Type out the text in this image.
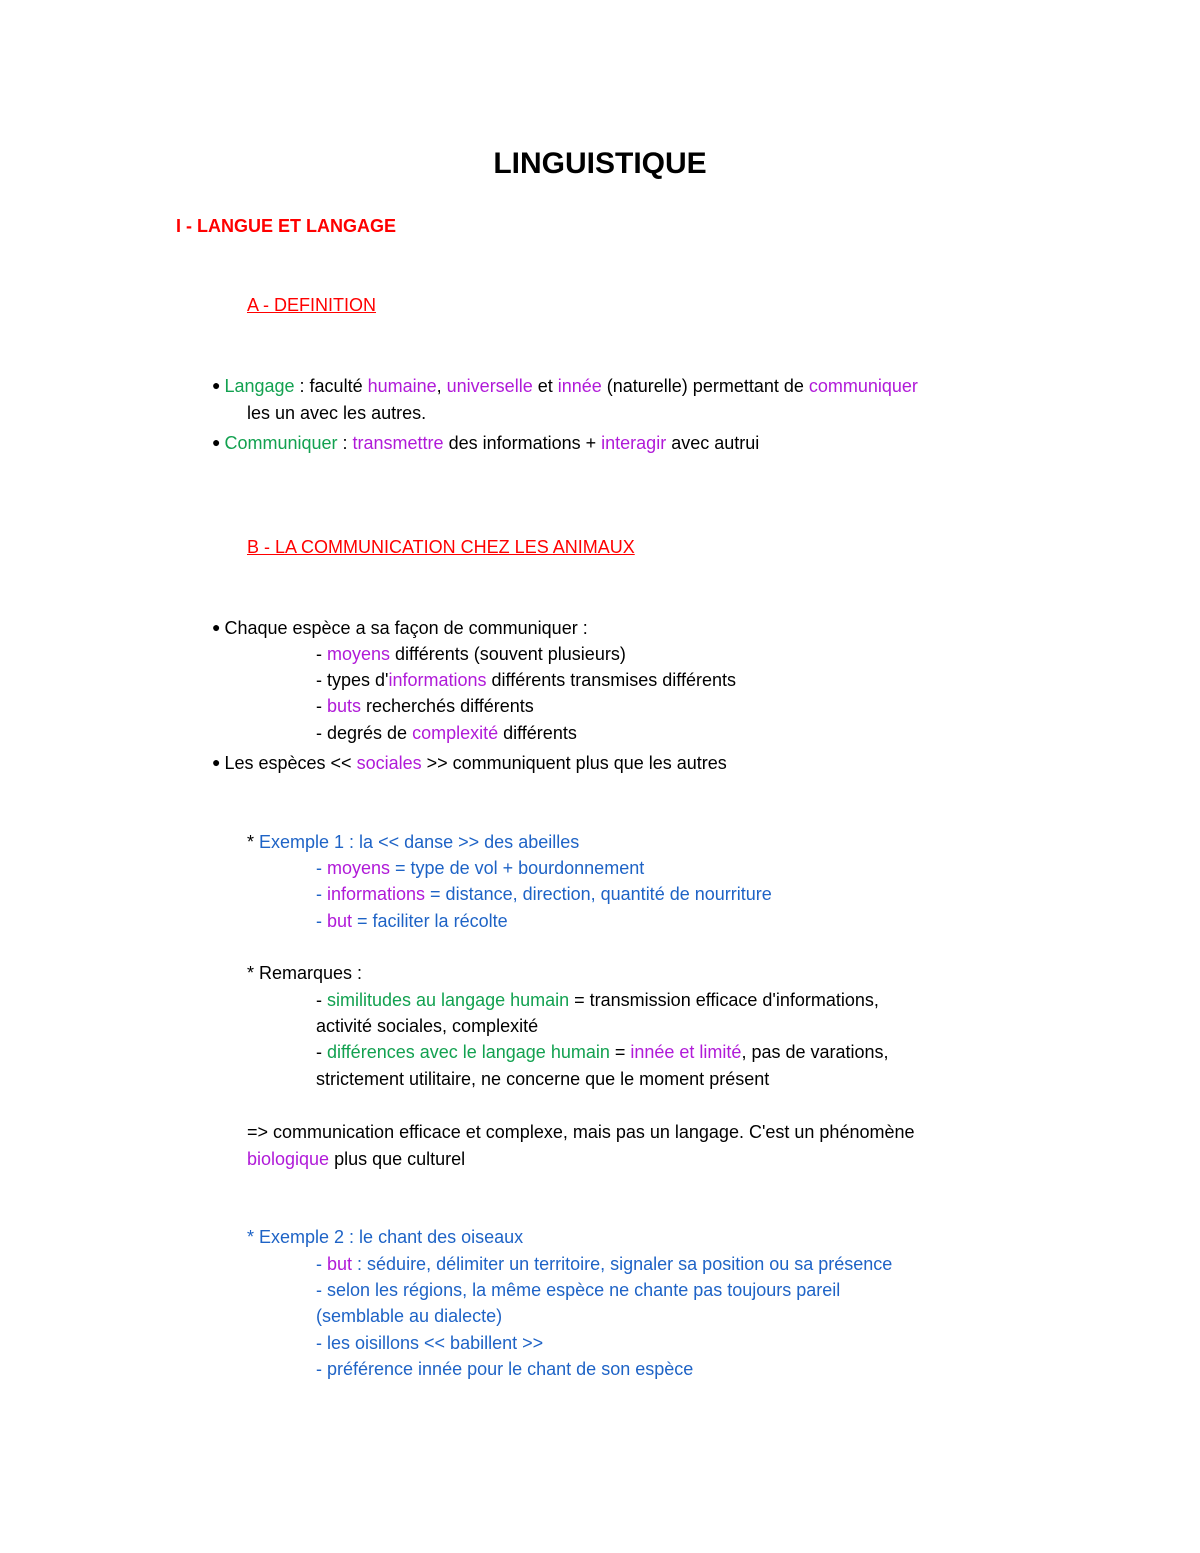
LINGUISTIQUE
I - LANGUE ET LANGAGE
A - DEFINITION
● Langage : faculté humaine, universelle et innée (naturelle) permettant de communiquer
les un avec les autres.
● Communiquer : transmettre des informations + interagir avec autrui
B - LA COMMUNICATION CHEZ LES ANIMAUX
● Chaque espèce a sa façon de communiquer :
- moyens différents (souvent plusieurs)
- types d'informations différents transmises différents
- buts recherchés différents
- degrés de complexité différents
● Les espèces << sociales >> communiquent plus que les autres
* Exemple 1 : la << danse >> des abeilles
- moyens = type de vol + bourdonnement
- informations = distance, direction, quantité de nourriture
- but = faciliter la récolte
* Remarques :
- similitudes au langage humain = transmission efficace d'informations,
activité sociales, complexité
- différences avec le langage humain = innée et limité, pas de varations,
strictement utilitaire, ne concerne que le moment présent
=> communication efficace et complexe, mais pas un langage. C'est un phénomène
biologique plus que culturel
* Exemple 2 : le chant des oiseaux
- but : séduire, délimiter un territoire, signaler sa position ou sa présence
- selon les régions, la même espèce ne chante pas toujours pareil
(semblable au dialecte)
- les oisillons << babillent >>
- préférence innée pour le chant de son espèce
